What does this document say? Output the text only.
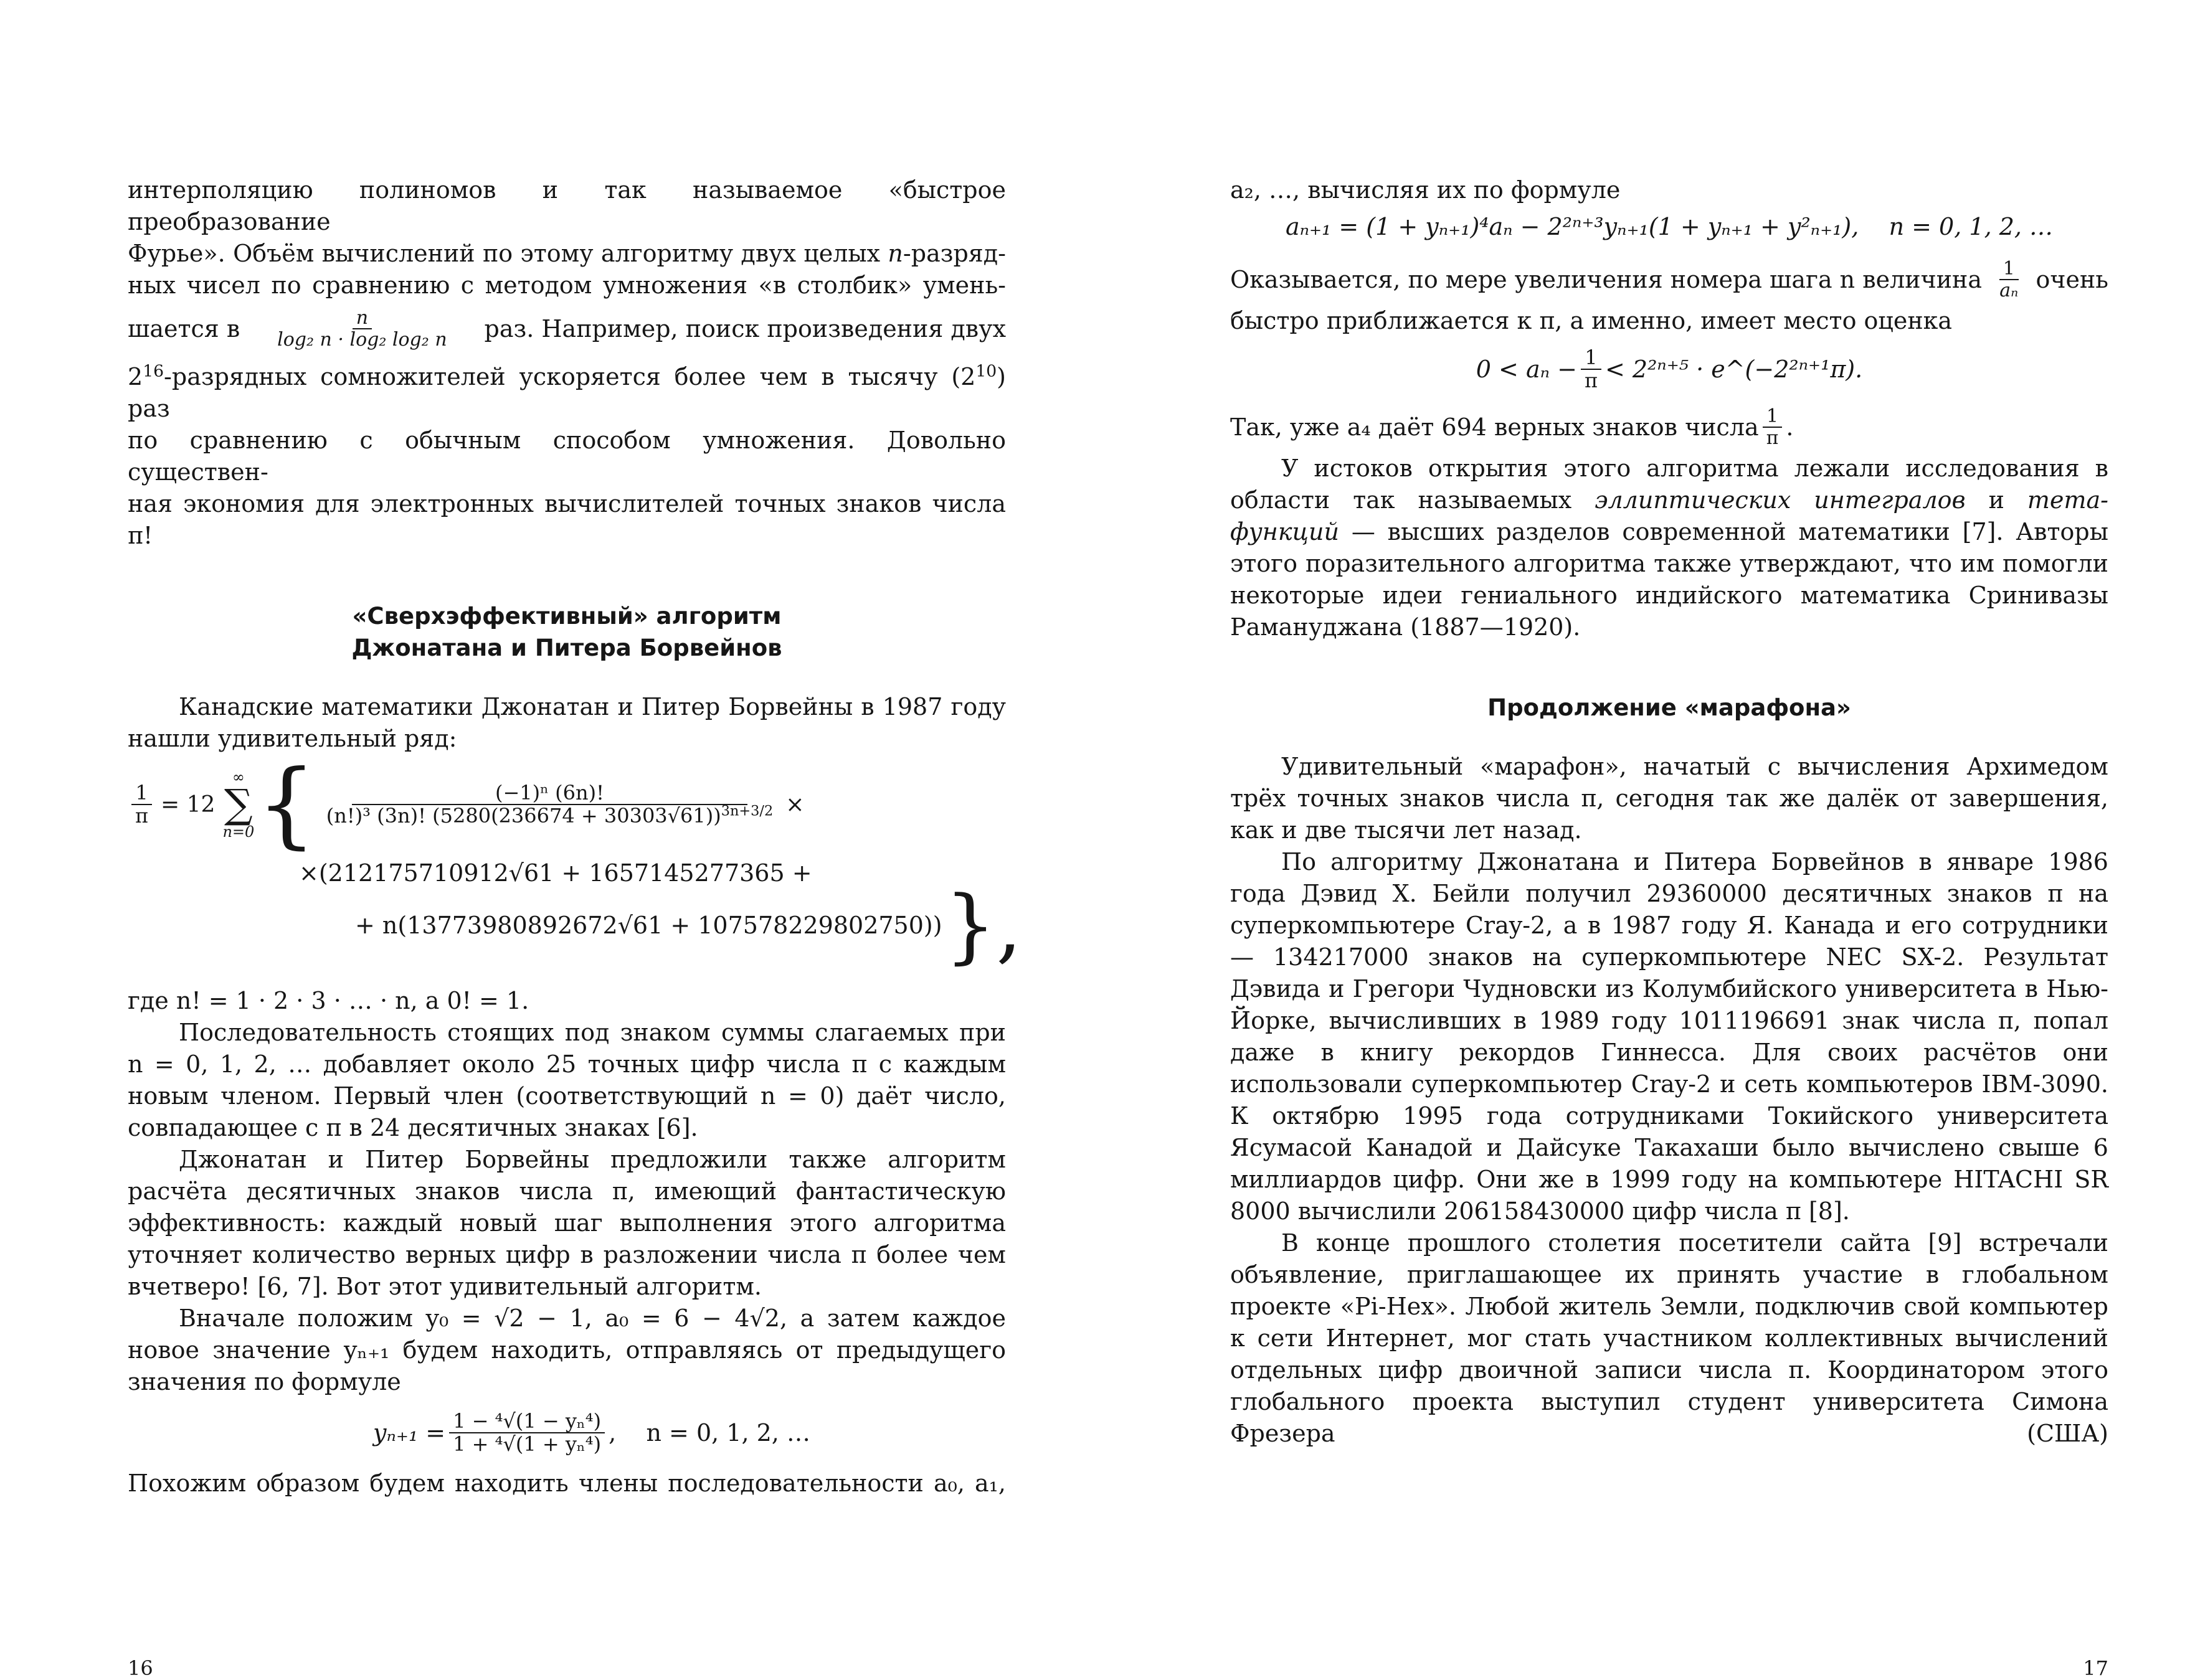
интерполяцию полиномов и так называемое «быстрое преобразование

Фурье». Объём вычислений по этому алгоритму двух целых n-разряд-

ных чисел по сравнению с методом умножения «в столбик» умень-

шается в $\frac{n}{\text{log₂ n · log₂ log₂ n}}$ раз. Например, поиск произведения двух

$2^{16}$-разрядных сомножителей ускоряется более чем в тысячу $(2^{10})$ раз

по сравнению с обычным способом умножения. Довольно существен-

ная экономия для электронных вычислителей точных знаков числа π!

«Сверхэффективный» алгоритм

Джонатана и Питера Борвейнов

Канадские математики Джонатан и Питер Борвейны в 1987 году нашли удивительный ряд:

$\frac{1}{\pi} = 12$
∞
∑
n=0 { $\frac{\text{(−1)ⁿ (6n)!}}{(n!)^3 (3n)! (5280(236674 + 30303√61))^{3n+3/2}}$ ×
×(212175710912√61 + 1657145277365 +
+ n(13773980892672√61 + 107578229802750)) },

где n! = 1 · 2 · 3 · … · n, а 0! = 1.

Последовательность стоящих под знаком суммы слагаемых при n = 0, 1, 2, … добавляет около 25 точных цифр числа π с каждым новым членом. Первый член (соответствующий n = 0) даёт число, совпадающее с π в 24 десятичных знаках [6].

Джонатан и Питер Борвейны предложили также алгоритм расчёта десятичных знаков числа π, имеющий фантастическую эффективность: каждый новый шаг выполнения этого алгоритма уточняет количество верных цифр в разложении числа π более чем вчетверо! [6, 7]. Вот этот удивительный алгоритм.

Вначале положим y₀ = √2 − 1, a₀ = 6 − 4√2, а затем каждое новое значение yₙ₊₁ будем находить, отправляясь от предыдущего значения по формуле

$y_{n+1} = \frac{\text{1 − ⁴√(1 − yₙ⁴)}}{\text{1 + ⁴√(1 + yₙ⁴)}}$ ,    n = 0, 1, 2, …

Похожим образом будем находить члены последовательности a₀, a₁,

16

a₂, …, вычисляя их по формуле

aₙ₊₁ = (1 + yₙ₊₁)⁴aₙ − 2²ⁿ⁺³yₙ₊₁(1 + yₙ₊₁ + y²ₙ₊₁),    n = 0, 1, 2, …

Оказывается, по мере увеличения номера шага n величина $\frac{1}{\text{aₙ}}$ очень

быстро приближается к π, а именно, имеет место оценка

$0 < a_n - \frac{1}{\pi} < 2^{2n+5}$ · e^(−2²ⁿ⁺¹π).

Так, уже a₄ даёт 694 верных знаков числа $\frac{1}{\pi}$ .

У истоков открытия этого алгоритма лежали исследования в области так называемых эллиптических интегралов и тета-функций — высших разделов современной математики [7]. Авторы этого поразительного алгоритма также утверждают, что им помогли некоторые идеи гениального индийского математика Сринивазы Рамануджана (1887—1920).

Продолжение «марафона»

Удивительный «марафон», начатый с вычисления Архимедом трёх точных знаков числа π, сегодня так же далёк от завершения, как и две тысячи лет назад.

По алгоритму Джонатана и Питера Борвейнов в январе 1986 года Дэвид Х. Бейли получил 29360000 десятичных знаков π на суперкомпьютере Cray-2, а в 1987 году Я. Канада и его сотрудники — 134217000 знаков на суперкомпьютере NEC SX-2. Результат Дэвида и Грегори Чудновски из Колумбийского университета в Нью-Йорке, вычисливших в 1989 году 1011196691 знак числа π, попал даже в книгу рекордов Гиннесса. Для своих расчётов они использовали суперкомпьютер Cray-2 и сеть компьютеров IBM-3090. К октябрю 1995 года сотрудниками Токийского университета Ясумасой Канадой и Дайсуке Такахаши было вычислено свыше 6 миллиардов цифр. Они же в 1999 году на компьютере HITACHI SR 8000 вычислили 206158430000 цифр числа π [8].

В конце прошлого столетия посетители сайта [9] встречали объявление, приглашающее их принять участие в глобальном проекте «Pi-Hex». Любой житель Земли, подключив свой компьютер к сети Интернет, мог стать участником коллективных вычислений отдельных цифр двоичной записи числа π. Координатором этого глобального проекта выступил студент университета Симона Фрезера (США)

17
